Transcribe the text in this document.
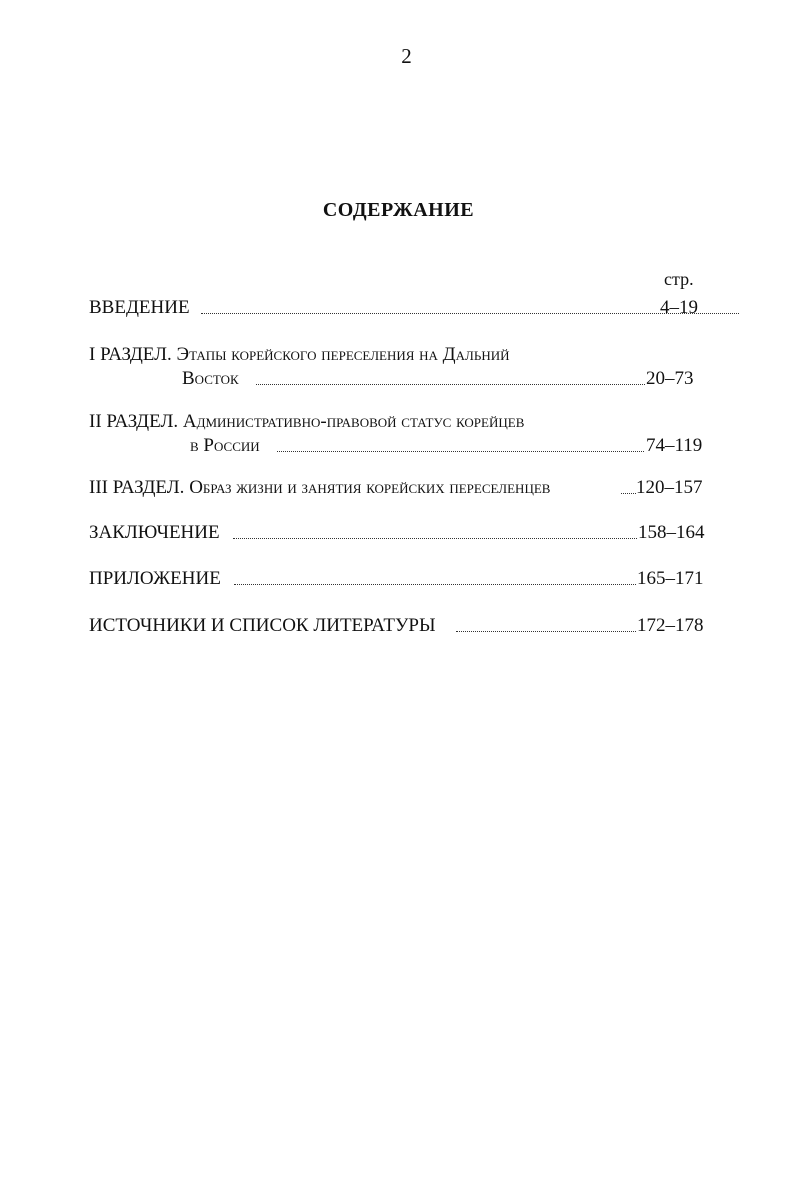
2
СОДЕРЖАНИЕ
стр.
ВВЕДЕНИЕ	4–19
I РАЗДЕЛ. Этапы корейского переселения на Дальний
Восток	20–73
II РАЗДЕЛ. Административно-правовой статус корейцев
в России	74–119
III РАЗДЕЛ. Образ жизни и занятия корейских переселенцев	120–157
ЗАКЛЮЧЕНИЕ	158–164
ПРИЛОЖЕНИЕ	165–171
ИСТОЧНИКИ И СПИСОК ЛИТЕРАТУРЫ	172–178
